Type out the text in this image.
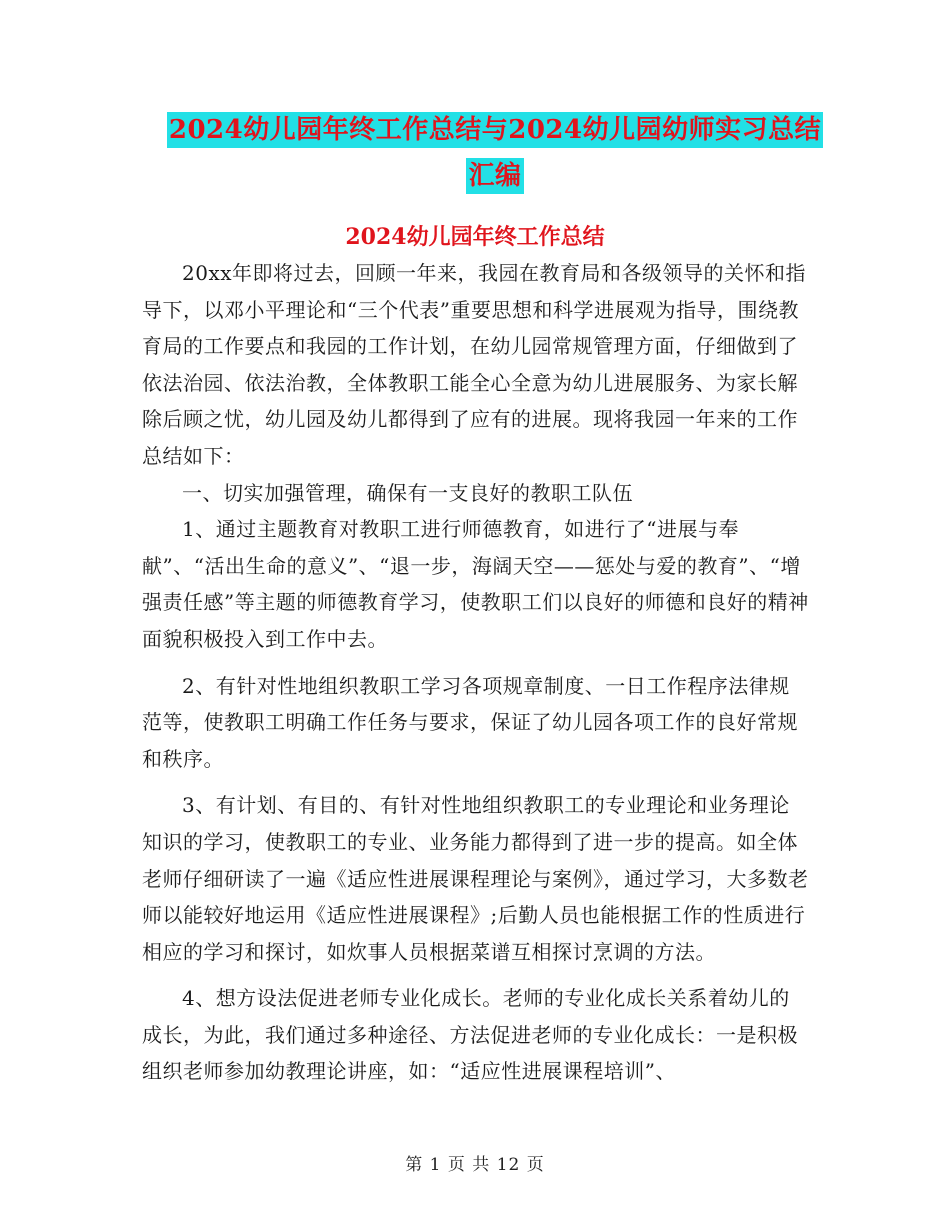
2024幼儿园年终工作总结与2024幼儿园幼师实习总结
汇编
2024幼儿园年终工作总结

20xx年即将过去，回顾一年来，我园在教育局和各级领导的关怀和指导下，以邓小平理论和“三个代表”重要思想和科学进展观为指导，围绕教育局的工作要点和我园的工作计划，在幼儿园常规管理方面，仔细做到了依法治园、依法治教，全体教职工能全心全意为幼儿进展服务、为家长解除后顾之忧，幼儿园及幼儿都得到了应有的进展。现将我园一年来的工作总结如下：

一、切实加强管理，确保有一支良好的教职工队伍

1、通过主题教育对教职工进行师德教育，如进行了“进展与奉献”、“活出生命的意义”、“退一步，海阔天空——惩处与爱的教育”、“增强责任感”等主题的师德教育学习，使教职工们以良好的师德和良好的精神面貌积极投入到工作中去。

2、有针对性地组织教职工学习各项规章制度、一日工作程序法律规范等，使教职工明确工作任务与要求，保证了幼儿园各项工作的良好常规和秩序。

3、有计划、有目的、有针对性地组织教职工的专业理论和业务理论知识的学习，使教职工的专业、业务能力都得到了进一步的提高。如全体老师仔细研读了一遍《适应性进展课程理论与案例》，通过学习，大多数老师以能较好地运用《适应性进展课程》;后勤人员也能根据工作的性质进行相应的学习和探讨，如炊事人员根据菜谱互相探讨烹调的方法。

4、想方设法促进老师专业化成长。老师的专业化成长关系着幼儿的成长，为此，我们通过多种途径、方法促进老师的专业化成长：一是积极组织老师参加幼教理论讲座，如：“适应性进展课程培训”、

第 1 页 共 12 页
